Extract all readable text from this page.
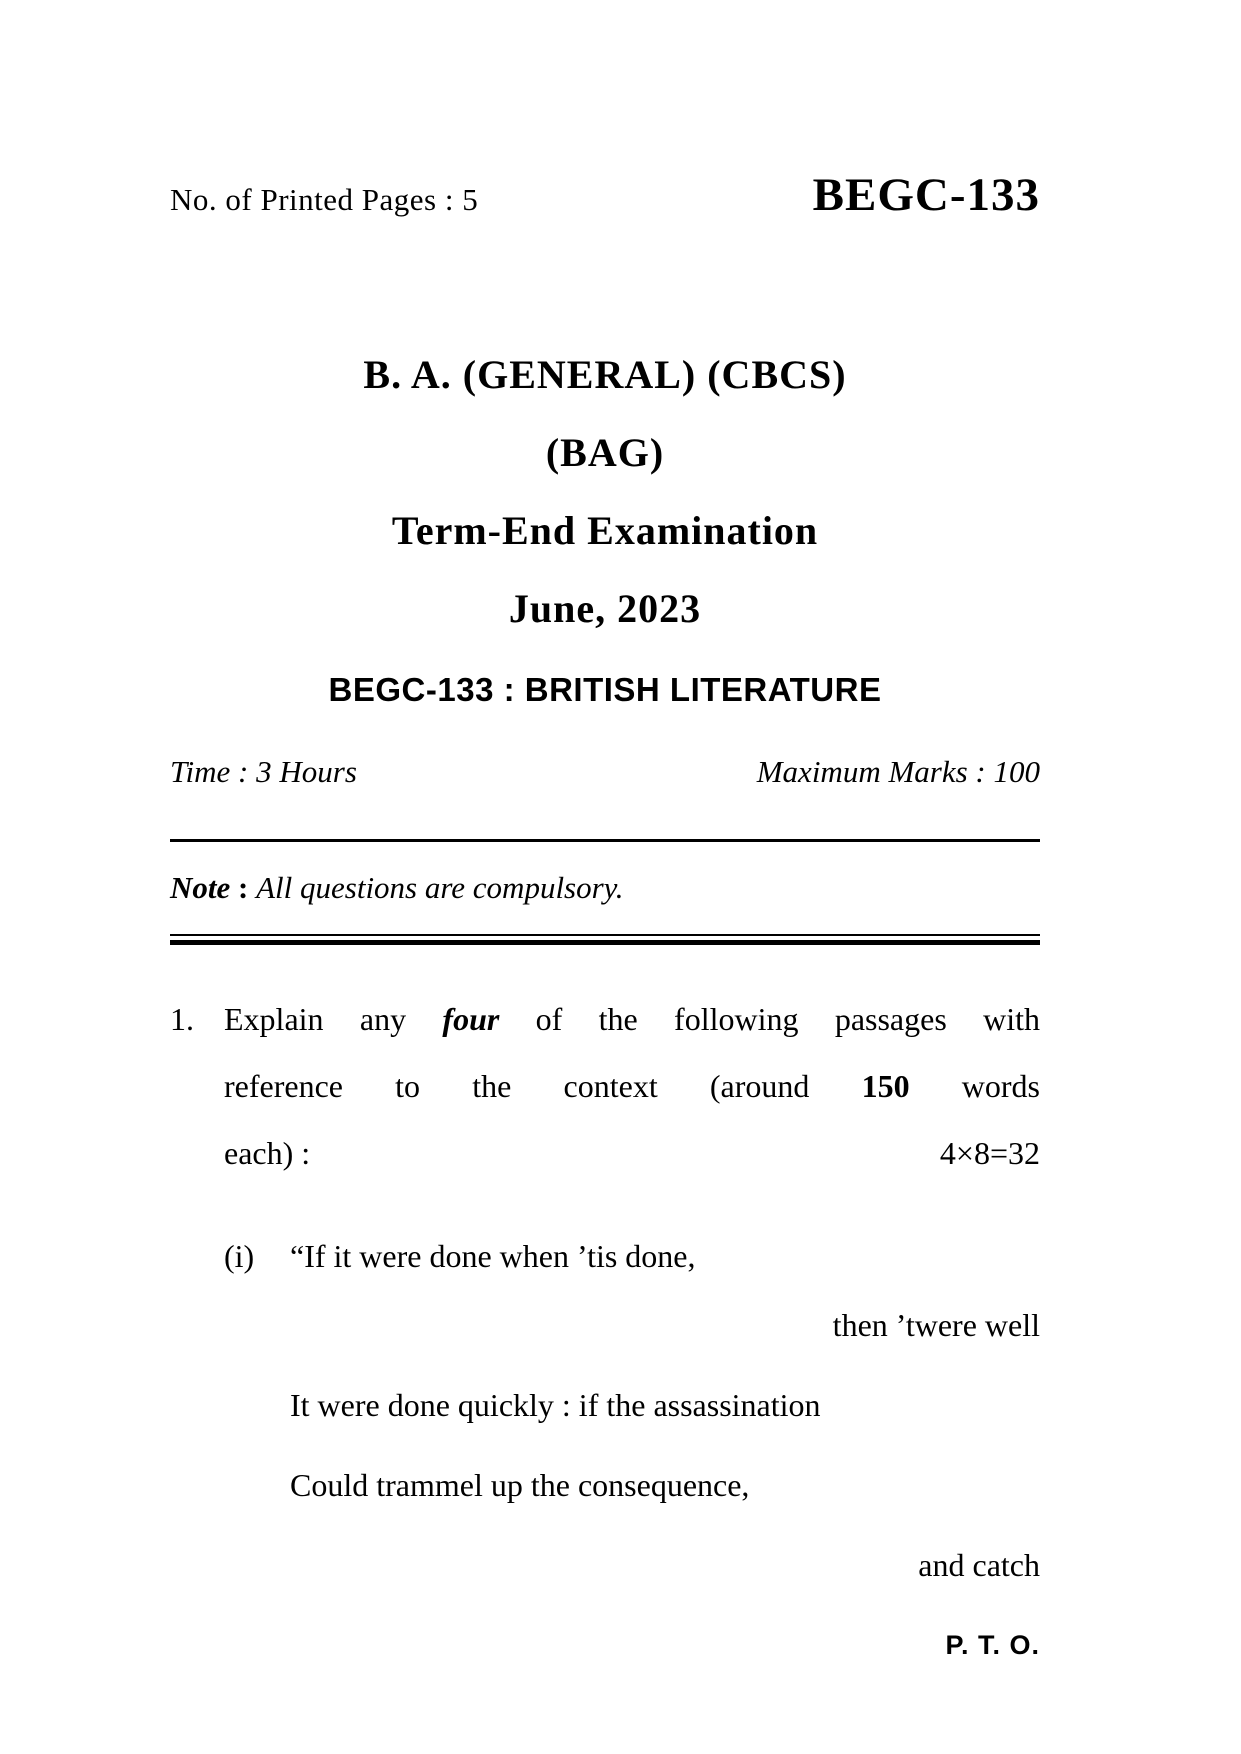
No. of Printed Pages : 5	BEGC-133
B. A. (GENERAL) (CBCS)
(BAG)
Term-End Examination
June, 2023
BEGC-133 : BRITISH LITERATURE
Time : 3 Hours	Maximum Marks : 100
Note : All questions are compulsory.
1. Explain any four of the following passages with
reference to the context (around 150 words
each) :	4×8=32
(i)	“If it were done when ’tis done,
then ’twere well
It were done quickly : if the assassination
Could trammel up the consequence,
and catch
P. T. O.
